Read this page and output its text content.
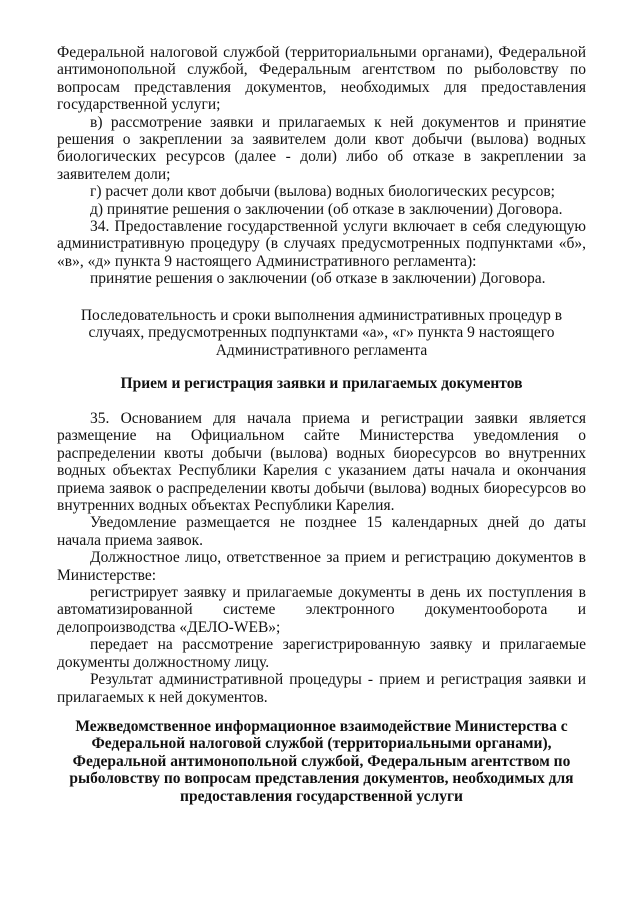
Федеральной налоговой службой (территориальными органами), Федеральной антимонопольной службой, Федеральным агентством по рыболовству по вопросам представления документов, необходимых для предоставления государственной услуги;

в) рассмотрение заявки и прилагаемых к ней документов и принятие решения о закреплении за заявителем доли квот добычи (вылова) водных биологических ресурсов (далее - доли) либо об отказе в закреплении за заявителем доли;

г) расчет доли квот добычи (вылова) водных биологических ресурсов;

д) принятие решения о заключении (об отказе в заключении) Договора.

34. Предоставление государственной услуги включает в себя следующую административную процедуру (в случаях предусмотренных подпунктами «б», «в», «д» пункта 9 настоящего Административного регламента):

принятие решения о заключении (об отказе в заключении) Договора.

Последовательность и сроки выполнения административных процедур в случаях, предусмотренных подпунктами «а», «г» пункта 9 настоящего Административного регламента

Прием и регистрация заявки и прилагаемых документов

35. Основанием для начала приема и регистрации заявки является размещение на Официальном сайте Министерства уведомления о распределении квоты добычи (вылова) водных биоресурсов во внутренних водных объектах Республики Карелия с указанием даты начала и окончания приема заявок о распределении квоты добычи (вылова) водных биоресурсов во внутренних водных объектах Республики Карелия.

Уведомление размещается не позднее 15 календарных дней до даты начала приема заявок.

Должностное лицо, ответственное за прием и регистрацию документов в Министерстве:

регистрирует заявку и прилагаемые документы в день их поступления в автоматизированной системе электронного документооборота и делопроизводства «ДЕЛО-WEB»;

передает на рассмотрение зарегистрированную заявку и прилагаемые документы должностному лицу.

Результат административной процедуры - прием и регистрация заявки и прилагаемых к ней документов.

Межведомственное информационное взаимодействие Министерства с Федеральной налоговой службой (территориальными органами), Федеральной антимонопольной службой, Федеральным агентством по рыболовству по вопросам представления документов, необходимых для предоставления государственной услуги
